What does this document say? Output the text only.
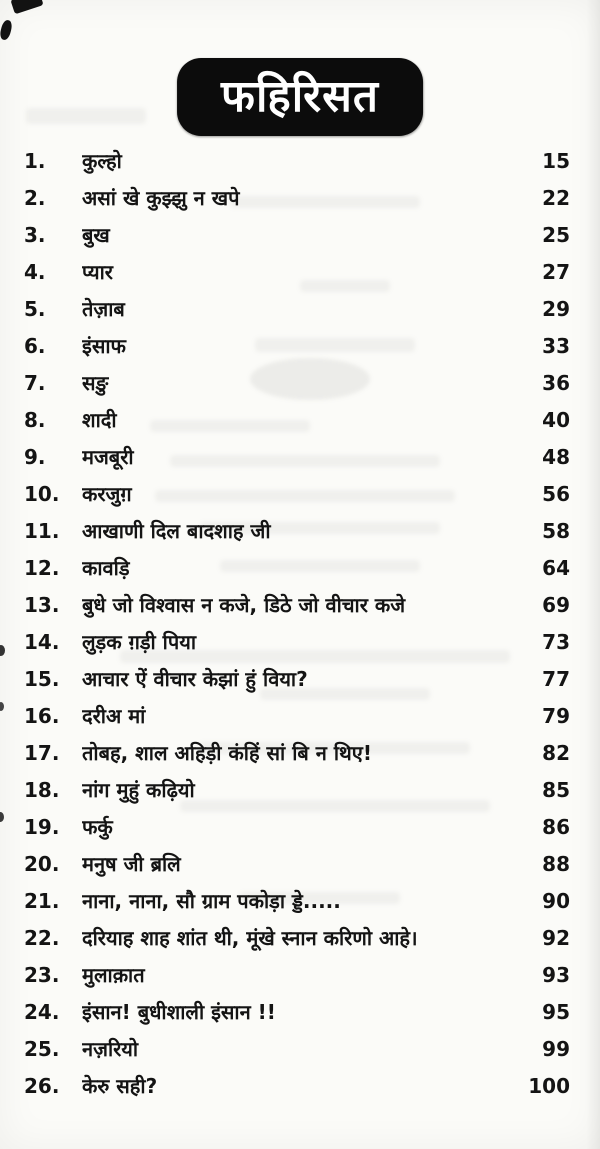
फहिरिसत
1.	कुल्हो	15
2.	असां खे कुझ्झु न खपे	22
3.	बुख	25
4.	प्यार	27
5.	तेज़ाब	29
6.	इंसाफ	33
7.	सङु	36
8.	शादी	40
9.	मजबूरी	48
10.	करजुग़	56
11.	आखाणी दिल बादशाह जी	58
12.	कावड़ि	64
13.	बुधे जो विश्वास न कजे, डिठे जो वीचार कजे	69
14.	लुड़क ग़ड़ी पिया	73
15.	आचार ऐं वीचार केझां हुं विया?	77
16.	दरीअ मां	79
17.	तोबह, शाल अहिड़ी कंहिं सां बि न थिए!	82
18.	नांग मुहुं कढ़ियो	85
19.	फर्कु	86
20.	मनुष जी ब्रलि	88
21.	नाना, नाना, सौ ग्राम पकोड़ा ड्डे.....	90
22.	दरियाह शाह शांत थी, मूंखे स्नान करिणो आहे।	92
23.	मुलाक़ात	93
24.	इंसान! बुधीशाली इंसान !!	95
25.	नज़रियो	99
26.	केरु सही?	100
